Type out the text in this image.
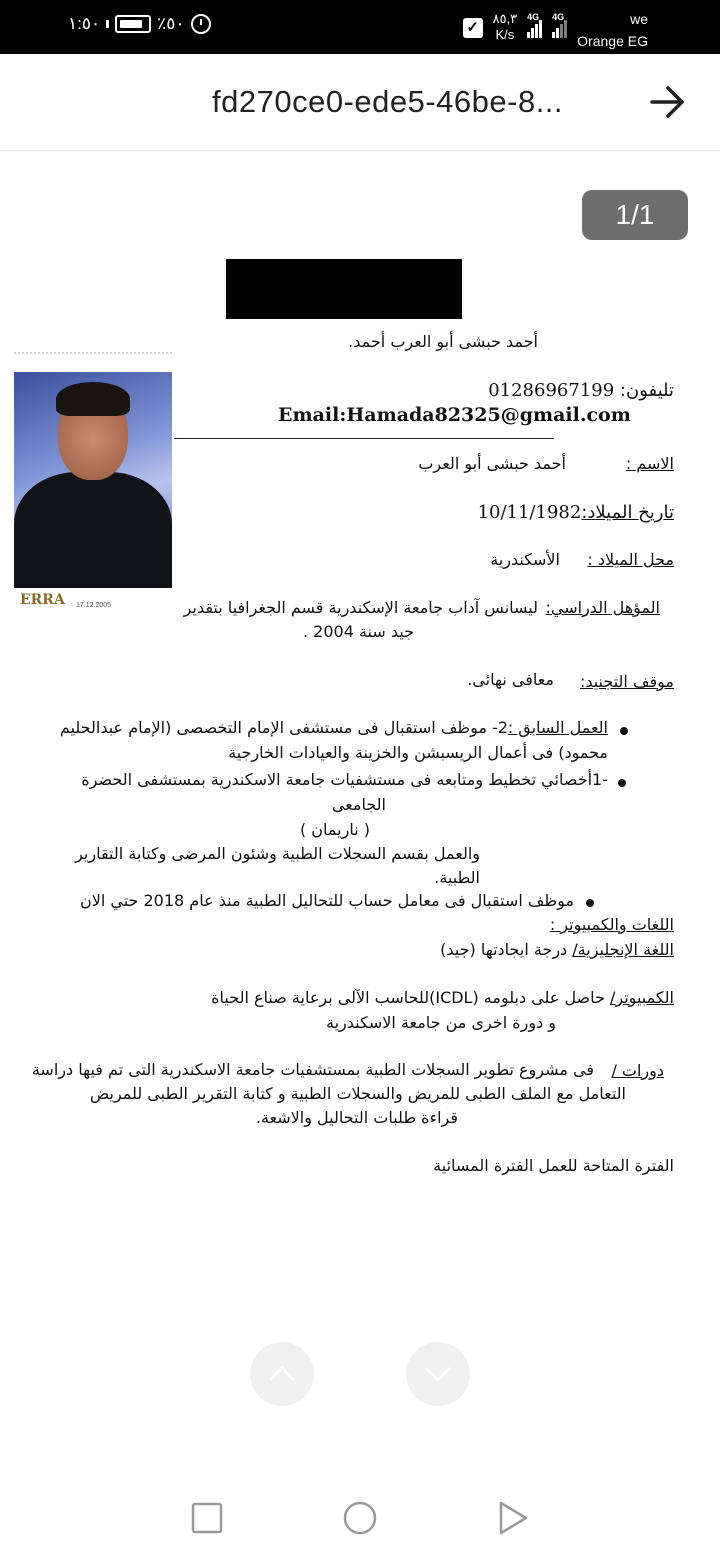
١:٥٠	٪٥٠	✓
٨٥,٣
K/s
4G 4G	we
Orange EG
fd270ce0-ede5-46be-8...
1/1
أحمد حبشى أبو العرب أحمد.
تليفون: 01286967199
Email:Hamada82325@gmail.com
ERRA 17.12.2005
الاسم :
أحمد حبشى أبو العرب
تاريخ الميلاد:10/11/1982
محل الميلاد :
الأسكندرية
المؤهل الدراسي:
ليسانس آداب جامعة الإسكندرية قسم الجغرافيا بتقدير
جيد سنة 2004 .
موقف التجنيد:
معافى نهائى.
العمل السابق :
2- موظف استقبال فى مستشفى الإمام التخصصى (الإمام عبدالحليم
محمود) فى أعمال الريسبشن والخزينة والعيادات الخارجية
-1أخصائي تخطيط ومتابعه فى مستشفيات جامعة الاسكندرية بمستشفى الحضرة
الجامعى
( ناريمان )
والعمل بقسم السجلات الطبية وشئون المرضى وكتابة التقارير
الطبية.
موظف استقبال فى معامل حساب للتحاليل الطبية منذ عام 2018 حتي الان
اللغات والكمبيوتر :
اللغة الإنجليزية/ درجة ايجادتها (جيد)
الكمبيوتر/ حاصل على دبلومه (ICDL)للحاسب الآلى برعاية صناع الحياة
و دورة اخرى من جامعة الاسكندرية
دورات /
فى مشروع تطوير السجلات الطبية بمستشفيات جامعة الاسكندرية التى تم فيها دراسة
التعامل مع الملف الطبى للمريض والسجلات الطبية و كتابة التقرير الطبى للمريض
قراءة طلبات التحاليل والاشعة.
الفترة المتاحة للعمل الفترة المسائية
